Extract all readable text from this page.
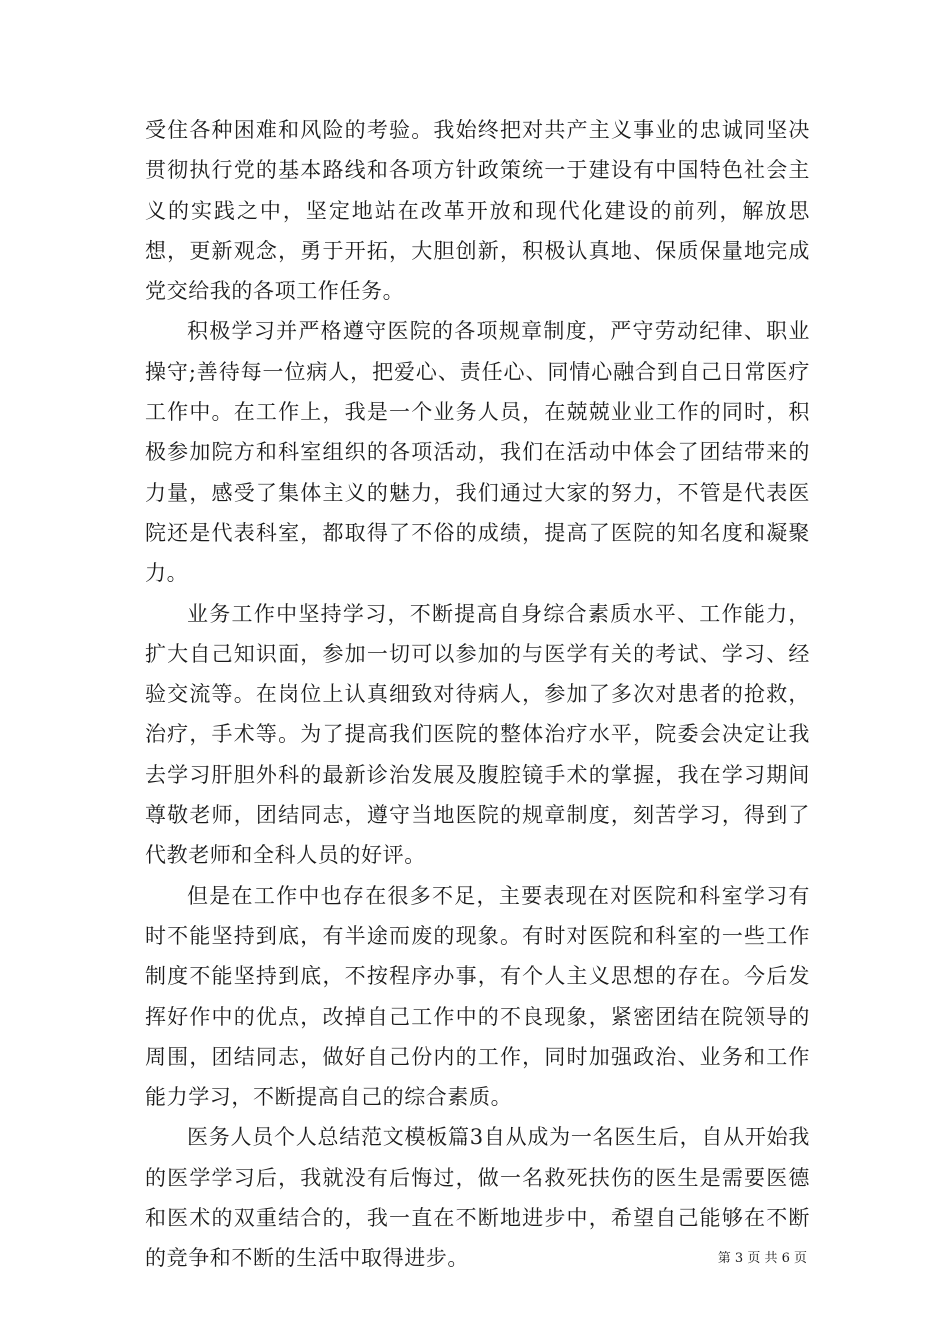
受住各种困难和风险的考验。我始终把对共产主义事业的忠诚同坚决贯彻执行党的基本路线和各项方针政策统一于建设有中国特色社会主义的实践之中，坚定地站在改革开放和现代化建设的前列，解放思想，更新观念，勇于开拓，大胆创新，积极认真地、保质保量地完成党交给我的各项工作任务。

积极学习并严格遵守医院的各项规章制度，严守劳动纪律、职业操守;善待每一位病人，把爱心、责任心、同情心融合到自己日常医疗工作中。在工作上，我是一个业务人员，在兢兢业业工作的同时，积极参加院方和科室组织的各项活动，我们在活动中体会了团结带来的力量，感受了集体主义的魅力，我们通过大家的努力，不管是代表医院还是代表科室，都取得了不俗的成绩，提高了医院的知名度和凝聚力。

业务工作中坚持学习，不断提高自身综合素质水平、工作能力，扩大自己知识面，参加一切可以参加的与医学有关的考试、学习、经验交流等。在岗位上认真细致对待病人，参加了多次对患者的抢救，治疗，手术等。为了提高我们医院的整体治疗水平，院委会决定让我去学习肝胆外科的最新诊治发展及腹腔镜手术的掌握，我在学习期间尊敬老师，团结同志，遵守当地医院的规章制度，刻苦学习，得到了代教老师和全科人员的好评。

但是在工作中也存在很多不足，主要表现在对医院和科室学习有时不能坚持到底，有半途而废的现象。有时对医院和科室的一些工作制度不能坚持到底，不按程序办事，有个人主义思想的存在。今后发挥好作中的优点，改掉自己工作中的不良现象，紧密团结在院领导的周围，团结同志，做好自己份内的工作，同时加强政治、业务和工作能力学习，不断提高自己的综合素质。

医务人员个人总结范文模板篇3自从成为一名医生后，自从开始我的医学学习后，我就没有后悔过，做一名救死扶伤的医生是需要医德和医术的双重结合的，我一直在不断地进步中，希望自己能够在不断的竞争和不断的生活中取得进步。	第 3 页 共 6 页
